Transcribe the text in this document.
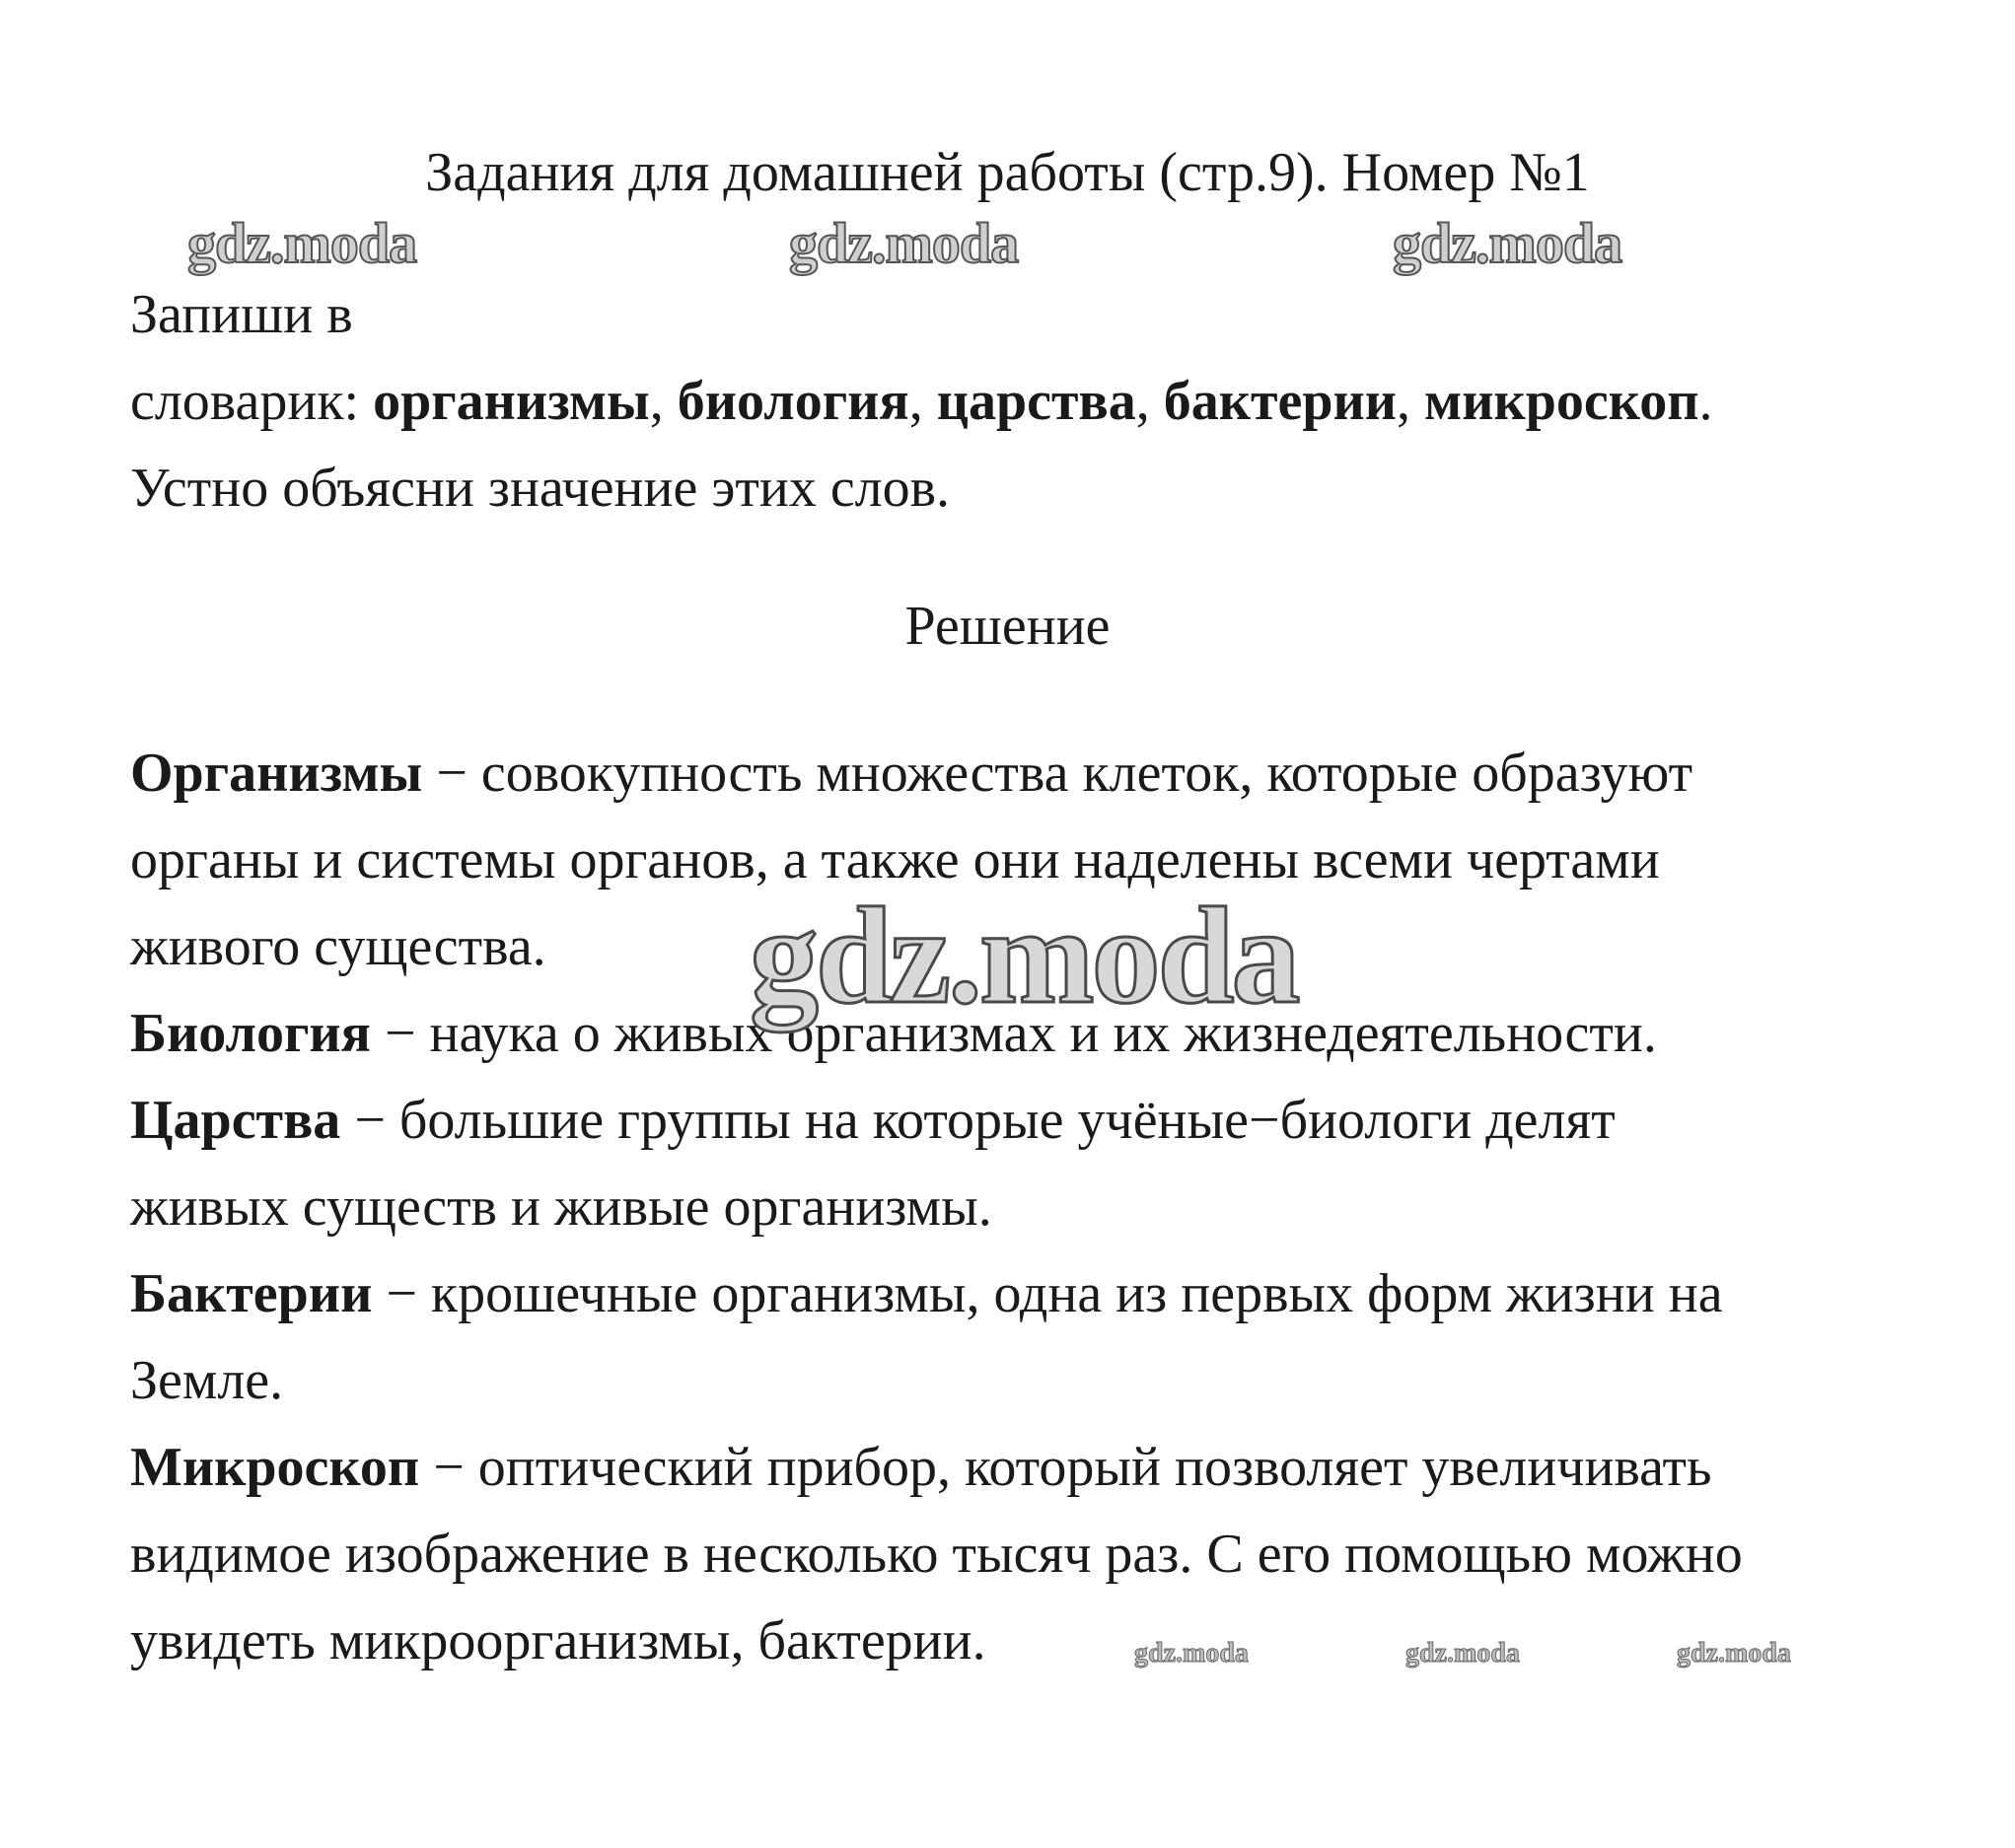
Задания для домашней работы (стр.9). Номер №1
gdz.moda	gdz.moda	gdz.moda
Запиши в
словарик: организмы, биология, царства, бактерии, микроскоп.
Устно объясни значение этих слов.
Решение
Организмы − совокупность множества клеток, которые образуют
органы и системы органов, а также они наделены всеми чертами
живого существа.
Биология − наука о живых организмах и их жизнедеятельности.
Царства − большие группы на которые учёные−биологи делят
живых существ и живые организмы.
Бактерии − крошечные организмы, одна из первых форм жизни на
Земле.
Микроскоп − оптический прибор, который позволяет увеличивать
видимое изображение в несколько тысяч раз. С его помощью можно
увидеть микроорганизмы, бактерии.
gdz.moda
gdz.moda	gdz.moda	gdz.moda
